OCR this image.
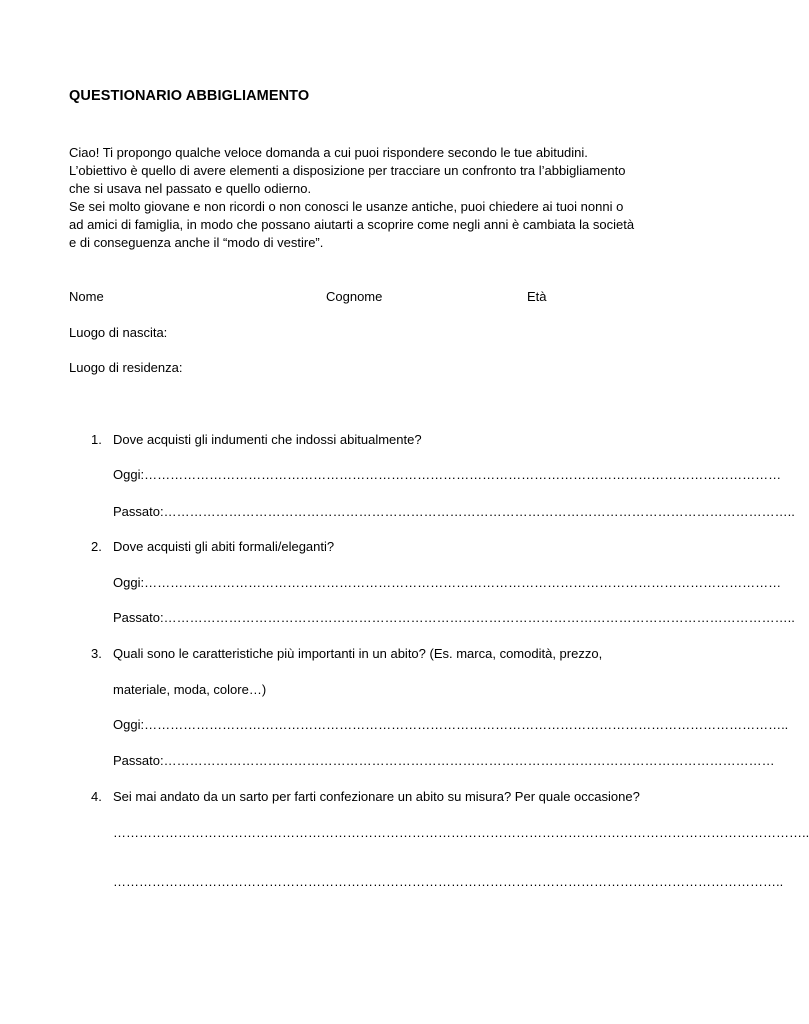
QUESTIONARIO ABBIGLIAMENTO
Ciao! Ti propongo qualche veloce domanda a cui puoi rispondere secondo le tue abitudini.
L’obiettivo è quello di avere elementi a disposizione per tracciare un confronto tra l’abbigliamento
che si usava nel passato e quello odierno.
Se sei molto giovane e non ricordi o non conosci le usanze antiche, puoi chiedere ai tuoi nonni o
ad amici di famiglia, in modo che possano aiutarti a scoprire come negli anni è cambiata la società
e di conseguenza anche il “modo di vestire”.
Nome	Cognome	Età
Luogo di nascita:
Luogo di residenza:
1. Dove acquisti gli indumenti che indossi abitualmente?
Oggi:…………………………………………………………………………………………………………………………………
Passato:………………………………………………………………………………………………………………………………..
2. Dove acquisti gli abiti formali/eleganti?
Oggi:…………………………………………………………………………………………………………………………………
Passato:………………………………………………………………………………………………………………………………..
3. Quali sono le caratteristiche più importanti in un abito? (Es. marca, comodità, prezzo,
materiale, moda, colore…)
Oggi:…………………………………………………………………………………………………………………………………..
Passato:……………………………………………………………………………………………………………………………
4. Sei mai andato da un sarto per farti confezionare un abito su misura? Per quale occasione?
……………………………………………………………………………………………………………………………………………..
………………………………………………………………………………………………………………………………………..
